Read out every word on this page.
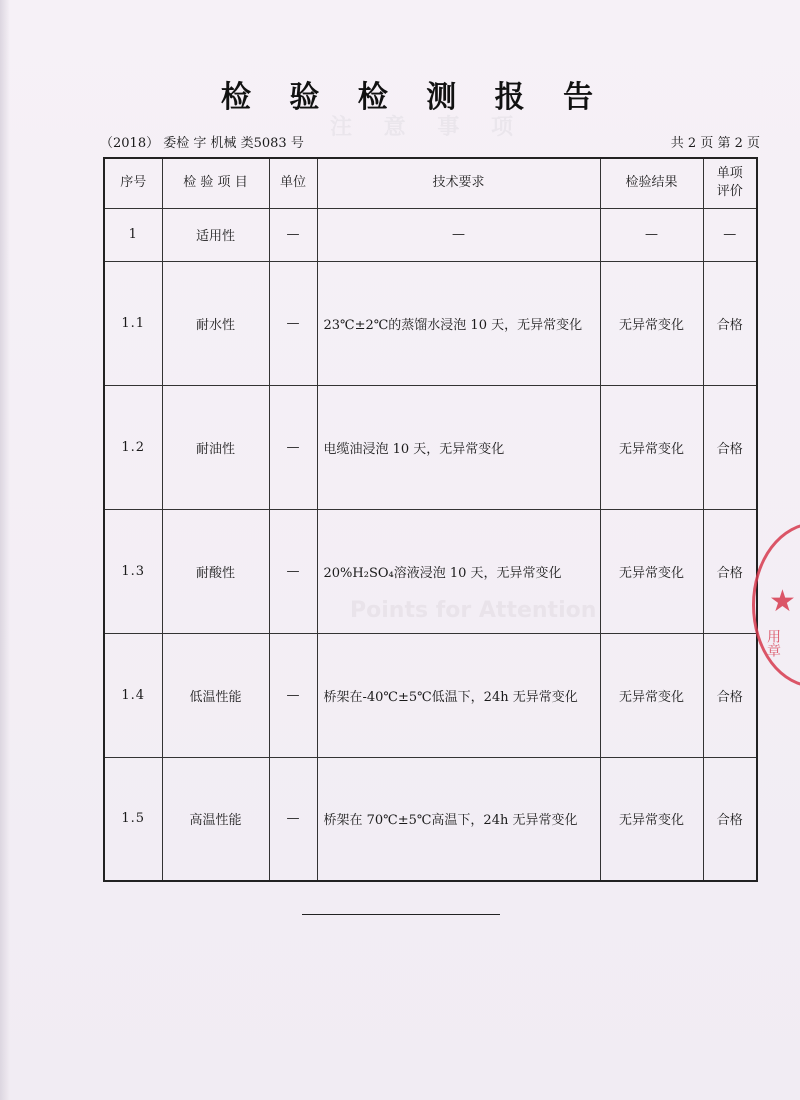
注 意 事 项
Points for Attention
检 验 检 测 报 告
（2018） 委检 字 机械 类5083 号	共 2 页 第 2 页
序号	检 验 项 目	单位	技术要求	检验结果	单项
评价
1	适用性	—	—	—	—
1.1	耐水性	—	23℃±2℃的蒸馏水浸泡 10 天，无异常变化	无异常变化	合格
1.2	耐油性	—	电缆油浸泡 10 天，无异常变化	无异常变化	合格
1.3	耐酸性	—	20%H₂SO₄溶液浸泡 10 天，无异常变化	无异常变化	合格
1.4	低温性能	—	桥架在-40℃±5℃低温下，24h 无异常变化	无异常变化	合格
1.5	高温性能	—	桥架在 70℃±5℃高温下，24h 无异常变化	无异常变化	合格
★
用章
